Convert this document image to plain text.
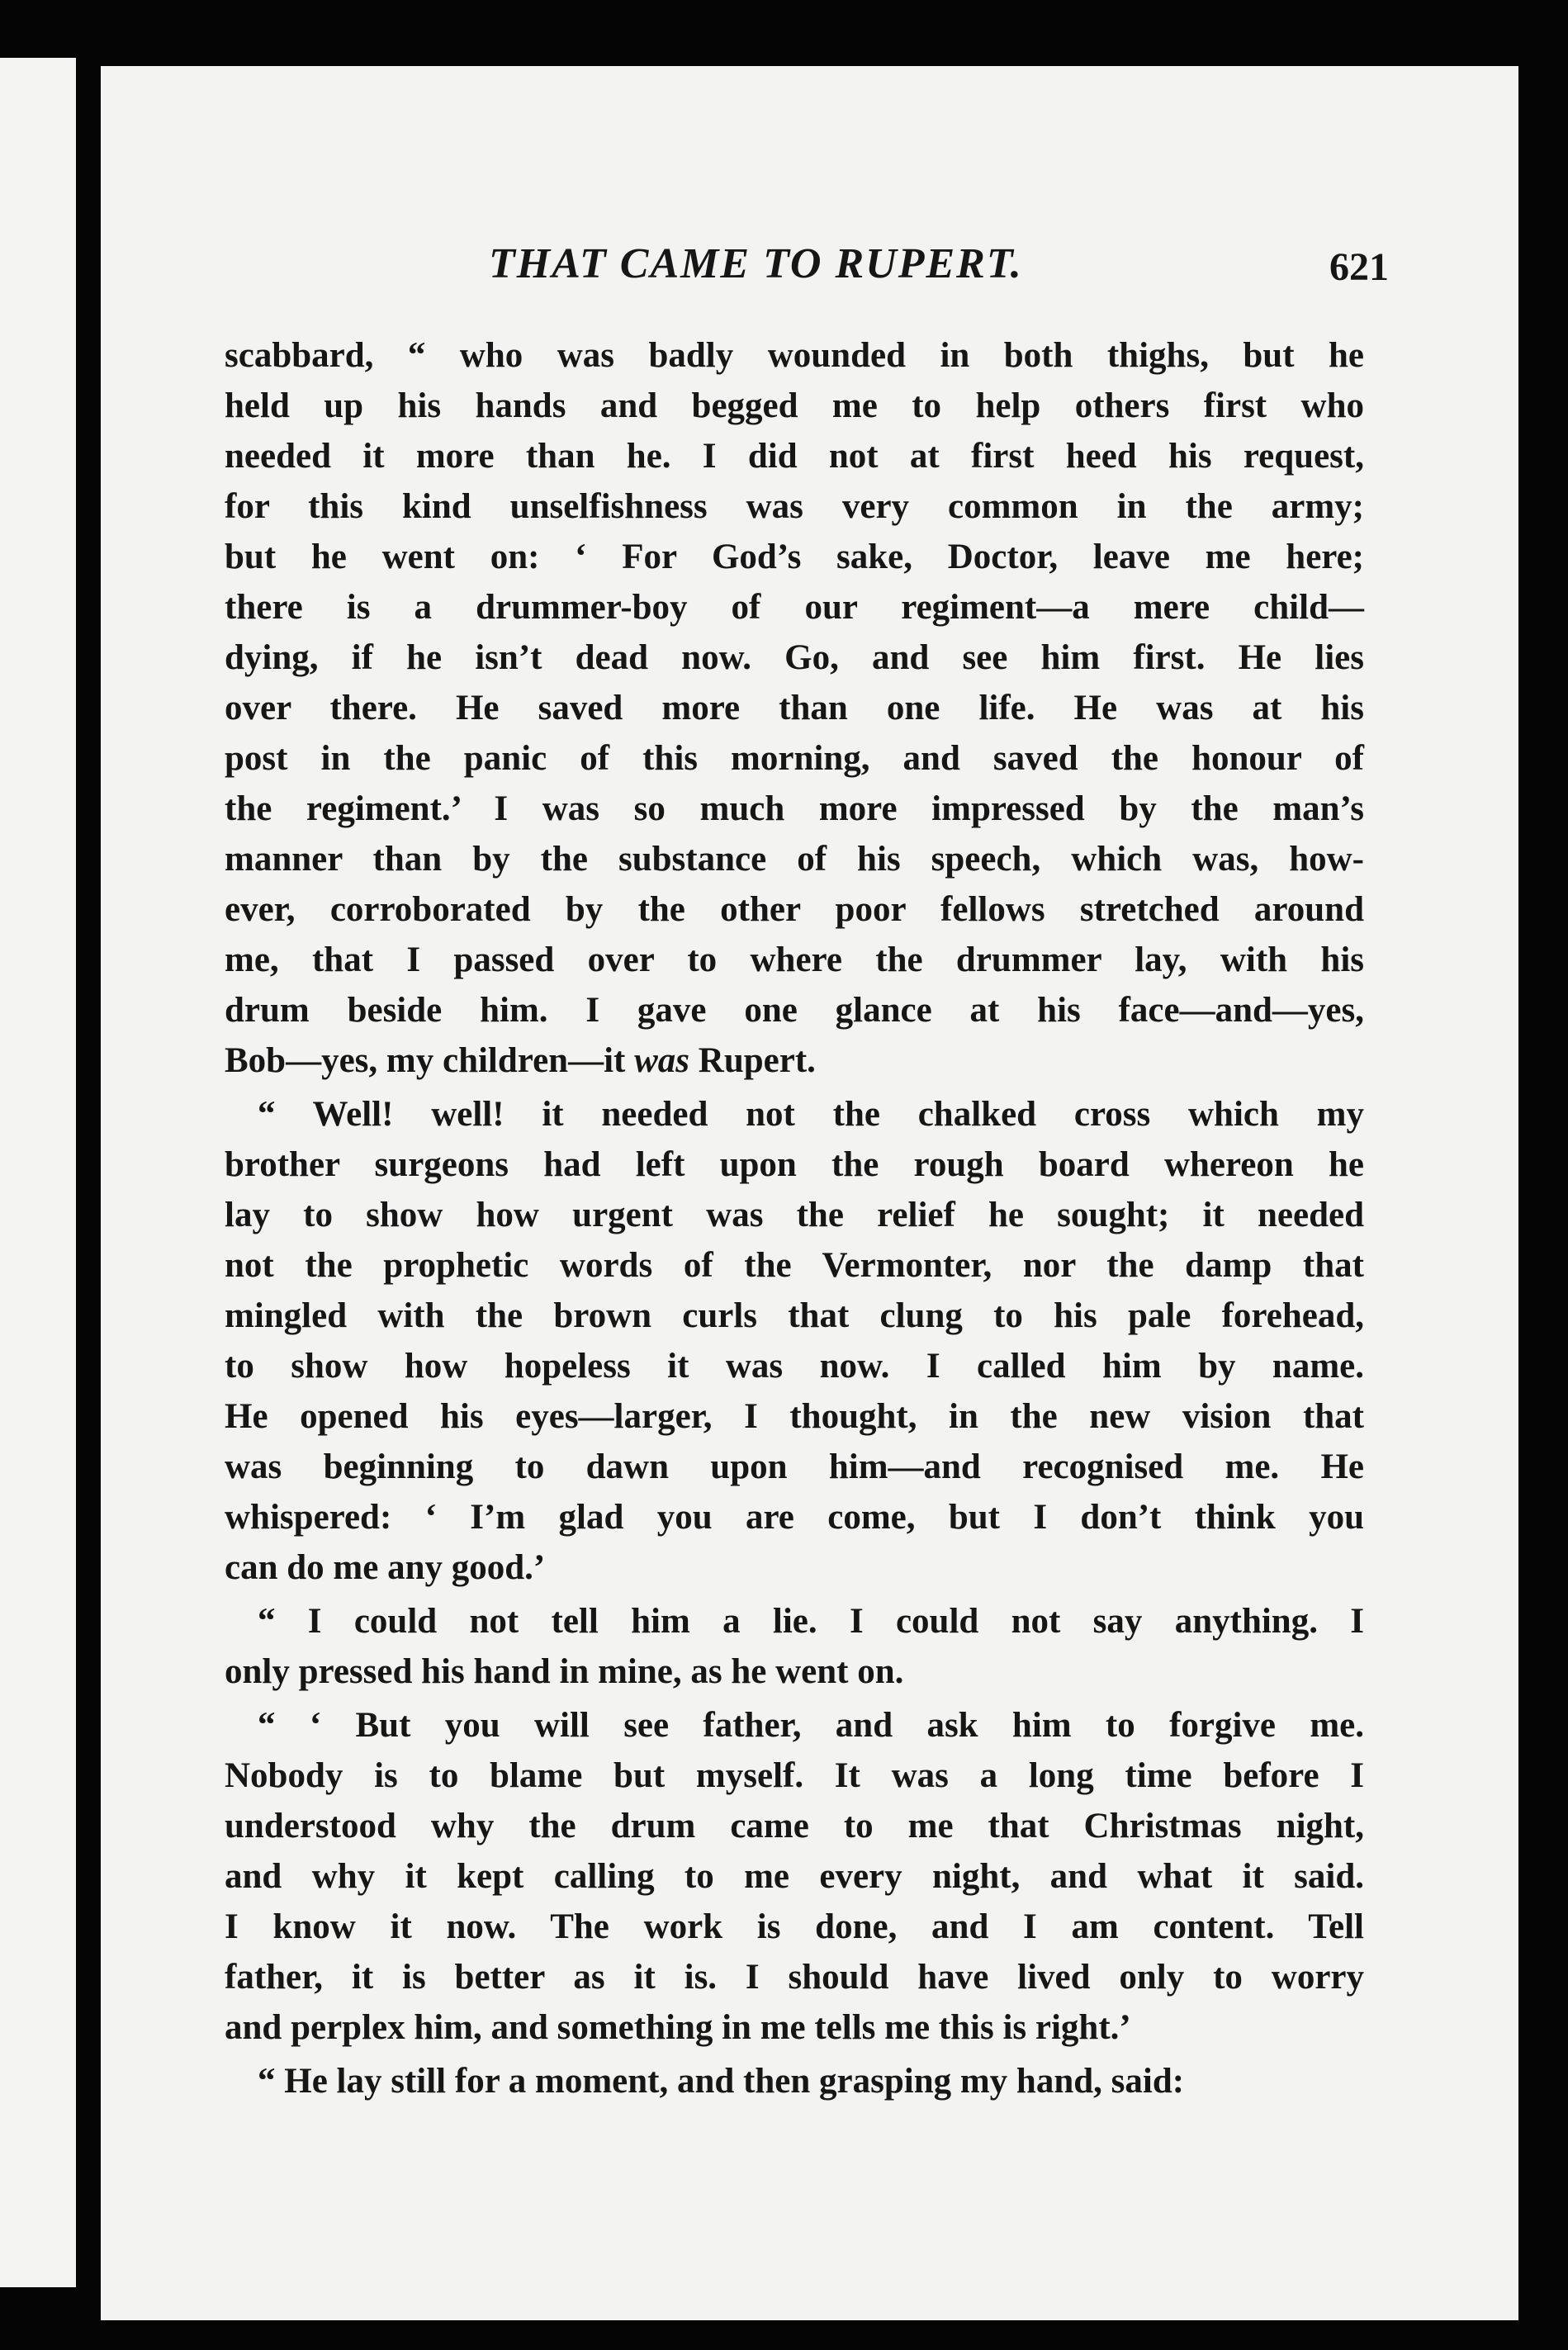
THAT CAME TO RUPERT.	621
scabbard, “ who was badly wounded in both thighs, but he
held up his hands and begged me to help others first who
needed it more than he. I did not at first heed his request,
for this kind unselfishness was very common in the army;
but he went on: ‘ For God’s sake, Doctor, leave me here;
there is a drummer-boy of our regiment—a mere child—
dying, if he isn’t dead now. Go, and see him first. He lies
over there. He saved more than one life. He was at his
post in the panic of this morning, and saved the honour of
the regiment.’ I was so much more impressed by the man’s
manner than by the substance of his speech, which was, how-
ever, corroborated by the other poor fellows stretched around
me, that I passed over to where the drummer lay, with his
drum beside him. I gave one glance at his face—and—yes,
Bob—yes, my children—it was Rupert.
“ Well! well! it needed not the chalked cross which my
brother surgeons had left upon the rough board whereon he
lay to show how urgent was the relief he sought; it needed
not the prophetic words of the Vermonter, nor the damp that
mingled with the brown curls that clung to his pale forehead,
to show how hopeless it was now. I called him by name.
He opened his eyes—larger, I thought, in the new vision that
was beginning to dawn upon him—and recognised me. He
whispered: ‘ I’m glad you are come, but I don’t think you
can do me any good.’
“ I could not tell him a lie. I could not say anything. I
only pressed his hand in mine, as he went on.
“ ‘ But you will see father, and ask him to forgive me.
Nobody is to blame but myself. It was a long time before I
understood why the drum came to me that Christmas night,
and why it kept calling to me every night, and what it said.
I know it now. The work is done, and I am content. Tell
father, it is better as it is. I should have lived only to worry
and perplex him, and something in me tells me this is right.’
“ He lay still for a moment, and then grasping my hand, said:
